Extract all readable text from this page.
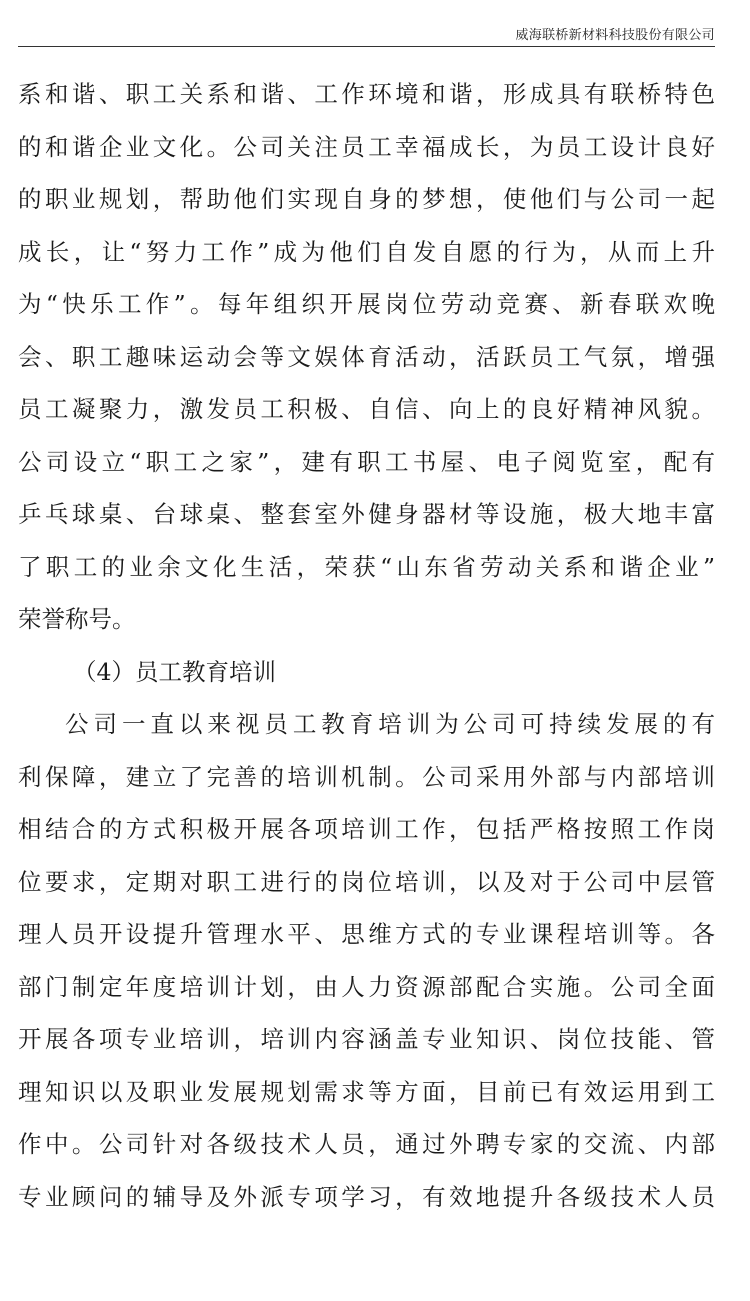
威海联桥新材料科技股份有限公司
系和谐、职工关系和谐、工作环境和谐，形成具有联桥特色
的和谐企业文化。公司关注员工幸福成长，为员工设计良好
的职业规划，帮助他们实现自身的梦想，使他们与公司一起
成长，让“努力工作”成为他们自发自愿的行为，从而上升
为“快乐工作”。每年组织开展岗位劳动竞赛、新春联欢晚
会、职工趣味运动会等文娱体育活动，活跃员工气氛，增强
员工凝聚力，激发员工积极、自信、向上的良好精神风貌。
公司设立“职工之家”，建有职工书屋、电子阅览室，配有
乒乓球桌、台球桌、整套室外健身器材等设施，极大地丰富
了职工的业余文化生活，荣获“山东省劳动关系和谐企业”
荣誉称号。
（4）员工教育培训
公司一直以来视员工教育培训为公司可持续发展的有
利保障，建立了完善的培训机制。公司采用外部与内部培训
相结合的方式积极开展各项培训工作，包括严格按照工作岗
位要求，定期对职工进行的岗位培训，以及对于公司中层管
理人员开设提升管理水平、思维方式的专业课程培训等。各
部门制定年度培训计划，由人力资源部配合实施。公司全面
开展各项专业培训，培训内容涵盖专业知识、岗位技能、管
理知识以及职业发展规划需求等方面，目前已有效运用到工
作中。公司针对各级技术人员，通过外聘专家的交流、内部
专业顾问的辅导及外派专项学习，有效地提升各级技术人员
